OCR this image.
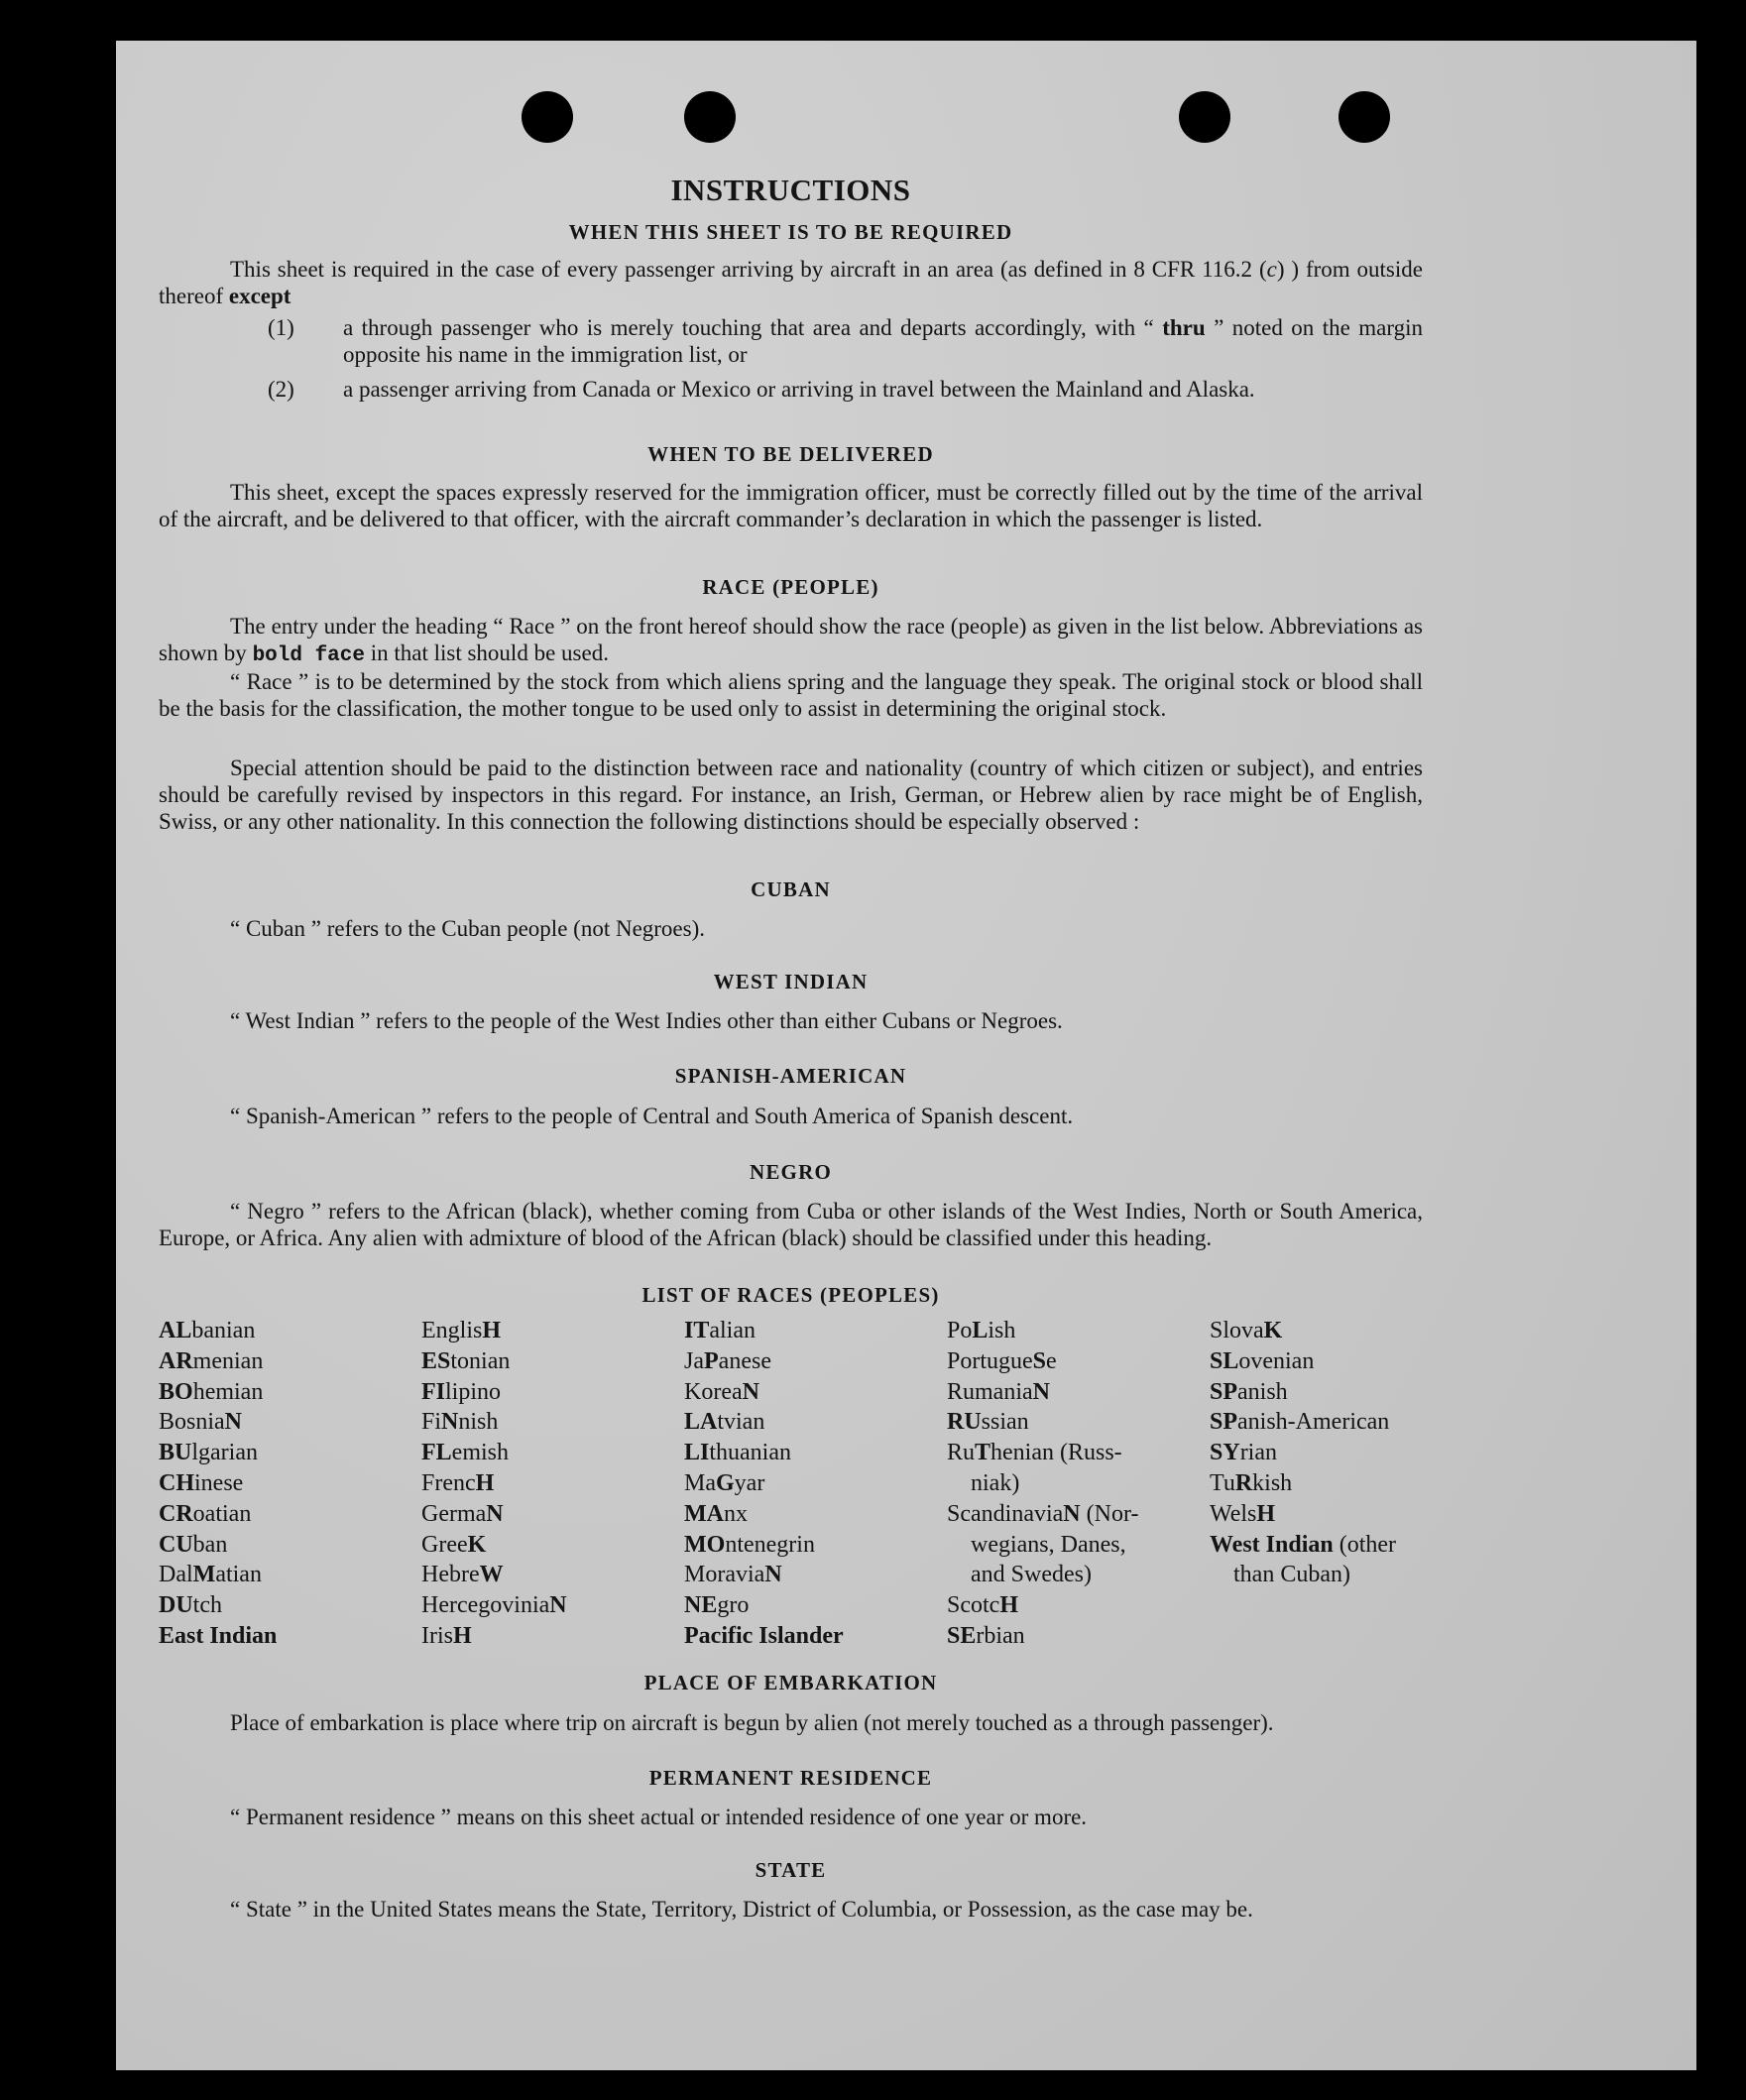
INSTRUCTIONS
WHEN THIS SHEET IS TO BE REQUIRED
This sheet is required in the case of every passenger arriving by aircraft in an area (as defined in 8 CFR 116.2 (c) ) from outside thereof except
(1)	a through passenger who is merely touching that area and departs accordingly, with “ thru ” noted on the margin opposite his name in the immigration list, or
(2)	a passenger arriving from Canada or Mexico or arriving in travel between the Mainland and Alaska.
WHEN TO BE DELIVERED
This sheet, except the spaces expressly reserved for the immigration officer, must be correctly filled out by the time of the arrival of the aircraft, and be delivered to that officer, with the aircraft commander’s declaration in which the passenger is listed.
RACE (PEOPLE)
The entry under the heading “ Race ” on the front hereof should show the race (people) as given in the list below. Abbreviations as shown by bold face in that list should be used.
“ Race ” is to be determined by the stock from which aliens spring and the language they speak. The original stock or blood shall be the basis for the classification, the mother tongue to be used only to assist in determining the original stock.
Special attention should be paid to the distinction between race and nationality (country of which citizen or subject), and entries should be carefully revised by inspectors in this regard. For instance, an Irish, German, or Hebrew alien by race might be of English, Swiss, or any other nationality. In this connection the following distinctions should be especially observed :
CUBAN
“ Cuban ” refers to the Cuban people (not Negroes).
WEST INDIAN
“ West Indian ” refers to the people of the West Indies other than either Cubans or Negroes.
SPANISH-AMERICAN
“ Spanish-American ” refers to the people of Central and South America of Spanish descent.
NEGRO
“ Negro ” refers to the African (black), whether coming from Cuba or other islands of the West Indies, North or South America, Europe, or Africa. Any alien with admixture of blood of the African (black) should be classified under this heading.
LIST OF RACES (PEOPLES)
ALbanian
ARmenian
BOhemian
BosniaN
BUlgarian
CHinese
CRoatian
CUban
DalMatian
DUtch
East Indian
EnglisH
EStonian
FIlipino
FiNnish
FLemish
FrencH
GermaN
GreeK
HebreW
HercegoviniaN
IrisH
ITalian
JaPanese
KoreaN
LAtvian
LIthuanian
MaGyar
MAnx
MOntenegrin
MoraviaN
NEgro
Pacific Islander
PoLish
PortugueSe
RumaniaN
RUssian
RuThenian (Russ-
niak)
ScandinaviaN (Nor-
wegians, Danes,
and Swedes)
ScotcH
SErbian
SlovaK
SLovenian
SPanish
SPanish-American
SYrian
TuRkish
WelsH
West Indian (other
than Cuban)
PLACE OF EMBARKATION
Place of embarkation is place where trip on aircraft is begun by alien (not merely touched as a through passenger).
PERMANENT RESIDENCE
“ Permanent residence ” means on this sheet actual or intended residence of one year or more.
STATE
“ State ” in the United States means the State, Territory, District of Columbia, or Possession, as the case may be.
